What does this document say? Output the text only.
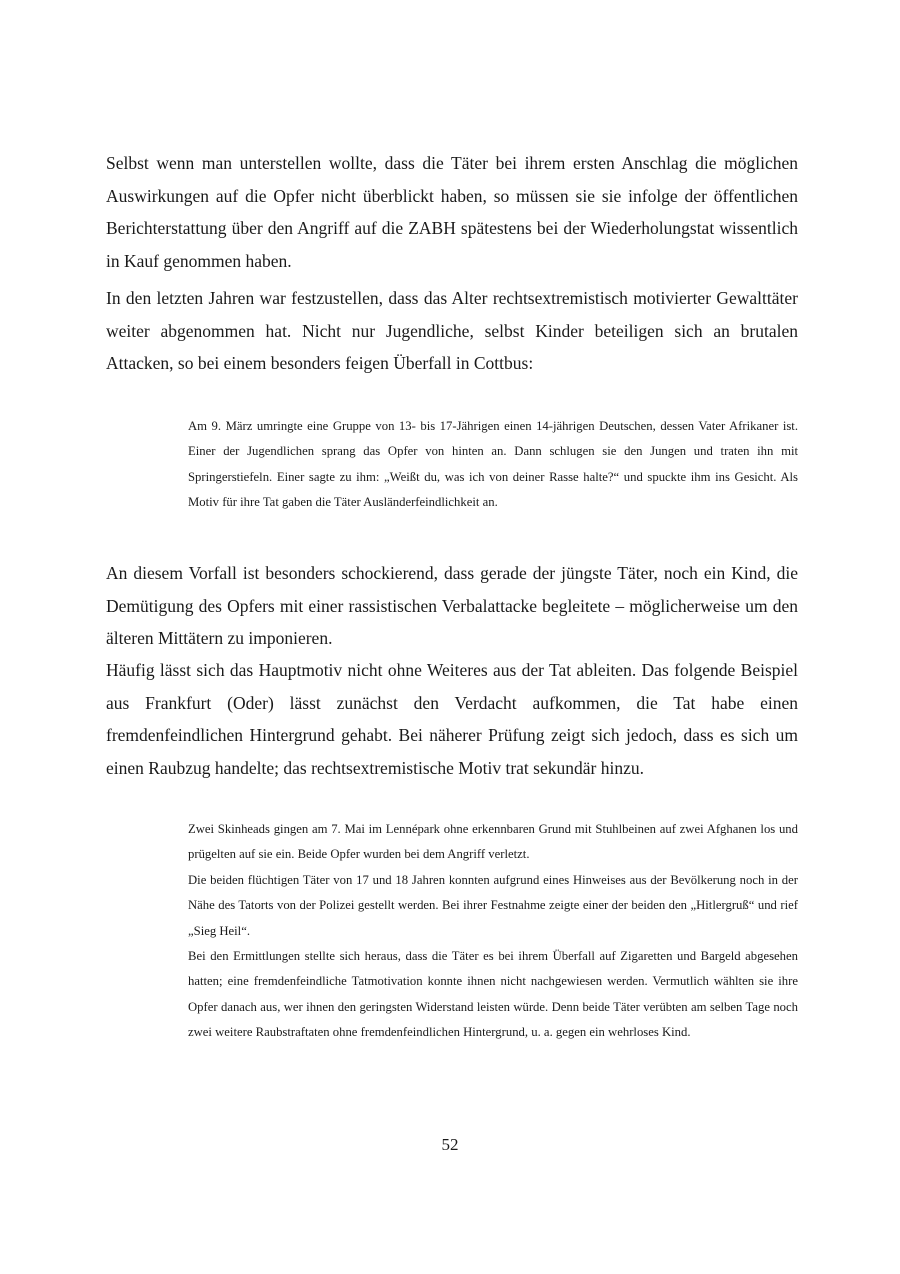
Selbst wenn man unterstellen wollte, dass die Täter bei ihrem ersten Anschlag die möglichen Auswirkungen auf die Opfer nicht überblickt haben, so müssen sie sie infolge der öffentlichen Berichterstattung über den Angriff auf die ZABH spätestens bei der Wiederholungstat wissentlich in Kauf genommen haben.

In den letzten Jahren war festzustellen, dass das Alter rechtsextremistisch motivierter Gewalttäter weiter abgenommen hat. Nicht nur Jugendliche, selbst Kinder beteiligen sich an brutalen Attacken, so bei einem besonders feigen Überfall in Cottbus:

Am 9. März umringte eine Gruppe von 13- bis 17-Jährigen einen 14-jährigen Deutschen, dessen Vater Afrikaner ist. Einer der Jugendlichen sprang das Opfer von hinten an. Dann schlugen sie den Jungen und traten ihn mit Springerstiefeln. Einer sagte zu ihm: „Weißt du, was ich von deiner Rasse halte?“ und spuckte ihm ins Gesicht. Als Motiv für ihre Tat gaben die Täter Ausländerfeindlichkeit an.

An diesem Vorfall ist besonders schockierend, dass gerade der jüngste Täter, noch ein Kind, die Demütigung des Opfers mit einer rassistischen Verbalattacke begleitete – möglicherweise um den älteren Mittätern zu imponieren.

Häufig lässt sich das Hauptmotiv nicht ohne Weiteres aus der Tat ableiten. Das folgende Beispiel aus Frankfurt (Oder) lässt zunächst den Verdacht aufkommen, die Tat habe einen fremdenfeindlichen Hintergrund gehabt. Bei näherer Prüfung zeigt sich jedoch, dass es sich um einen Raubzug handelte; das rechtsextremistische Motiv trat sekundär hinzu.

Zwei Skinheads gingen am 7. Mai im Lennépark ohne erkennbaren Grund mit Stuhlbeinen auf zwei Afghanen los und prügelten auf sie ein. Beide Opfer wurden bei dem Angriff verletzt.

Die beiden flüchtigen Täter von 17 und 18 Jahren konnten aufgrund eines Hinweises aus der Bevölkerung noch in der Nähe des Tatorts von der Polizei gestellt werden. Bei ihrer Festnahme zeigte einer der beiden den „Hitlergruß“ und rief „Sieg Heil“.

Bei den Ermittlungen stellte sich heraus, dass die Täter es bei ihrem Überfall auf Zigaretten und Bargeld abgesehen hatten; eine fremdenfeindliche Tatmotivation konnte ihnen nicht nachgewiesen werden. Vermutlich wählten sie ihre Opfer danach aus, wer ihnen den geringsten Widerstand leisten würde. Denn beide Täter verübten am selben Tage noch zwei weitere Raubstraftaten ohne fremdenfeindlichen Hintergrund, u. a. gegen ein wehrloses Kind.

52
